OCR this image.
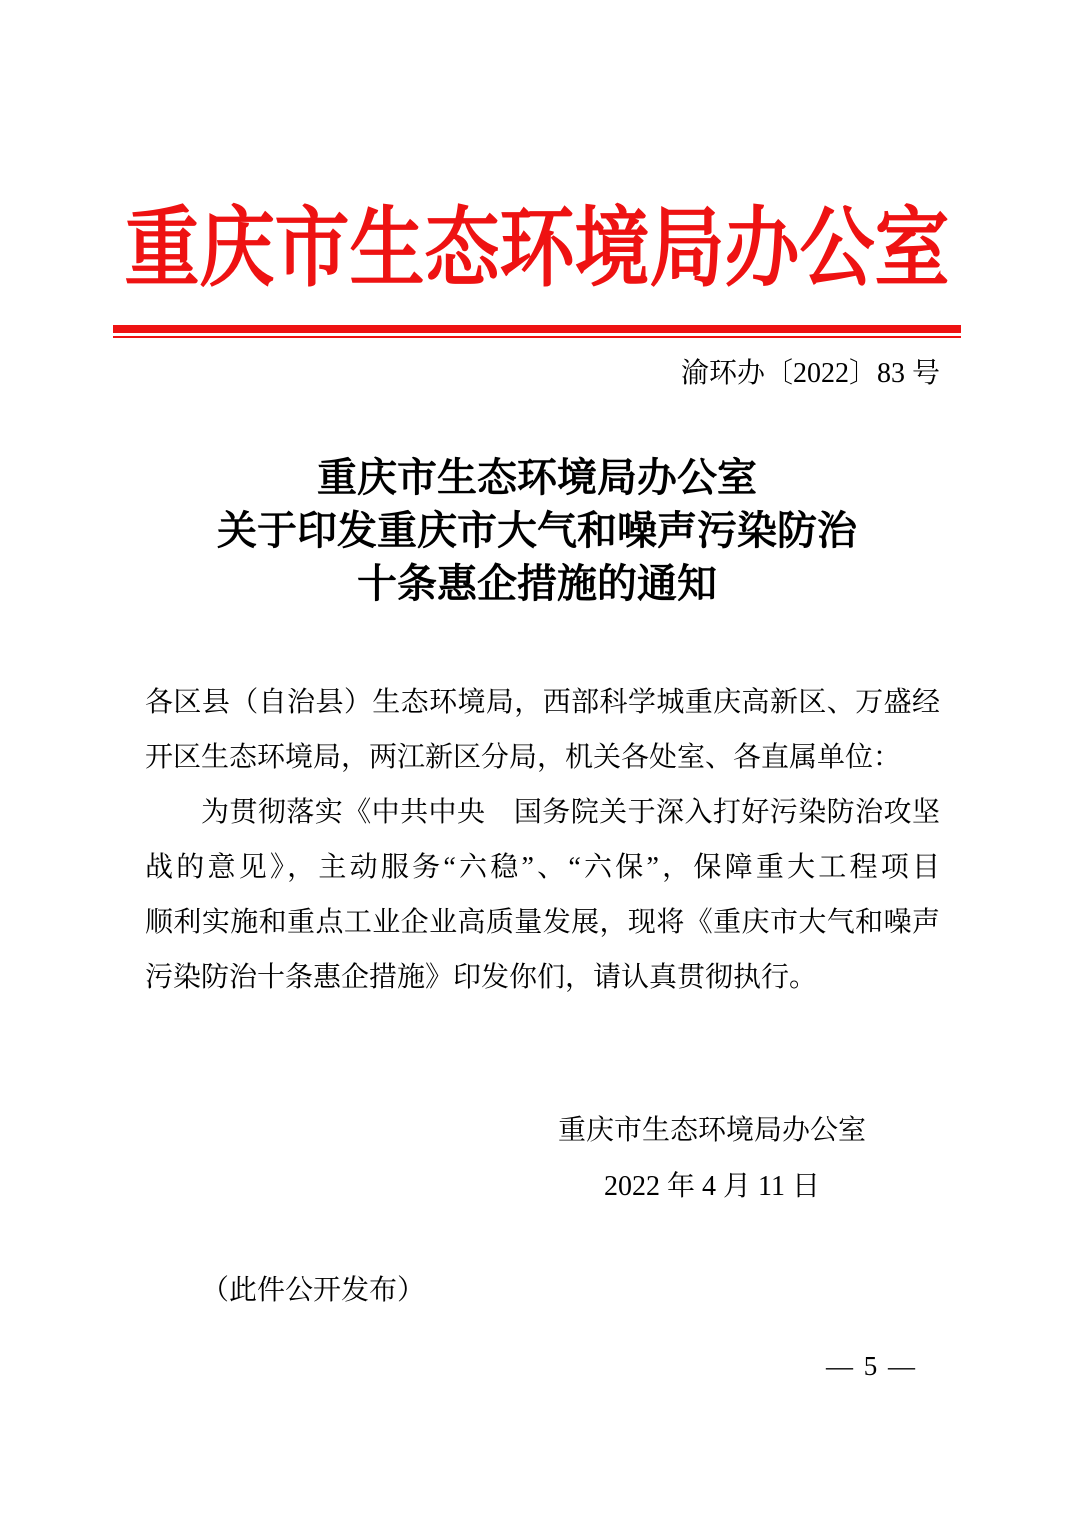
重庆市生态环境局办公室
渝环办〔2022〕83 号
重庆市生态环境局办公室
关于印发重庆市大气和噪声污染防治
十条惠企措施的通知
各区县（自治县）生态环境局，西部科学城重庆高新区、万盛经
开区生态环境局，两江新区分局，机关各处室、各直属单位：
为贯彻落实《中共中央　国务院关于深入打好污染防治攻坚
战的意见》，主动服务“六稳”、“六保”，保障重大工程项目
顺利实施和重点工业企业高质量发展，现将《重庆市大气和噪声
污染防治十条惠企措施》印发你们，请认真贯彻执行。
重庆市生态环境局办公室
2022 年 4 月 11 日
（此件公开发布）
— 5 —
